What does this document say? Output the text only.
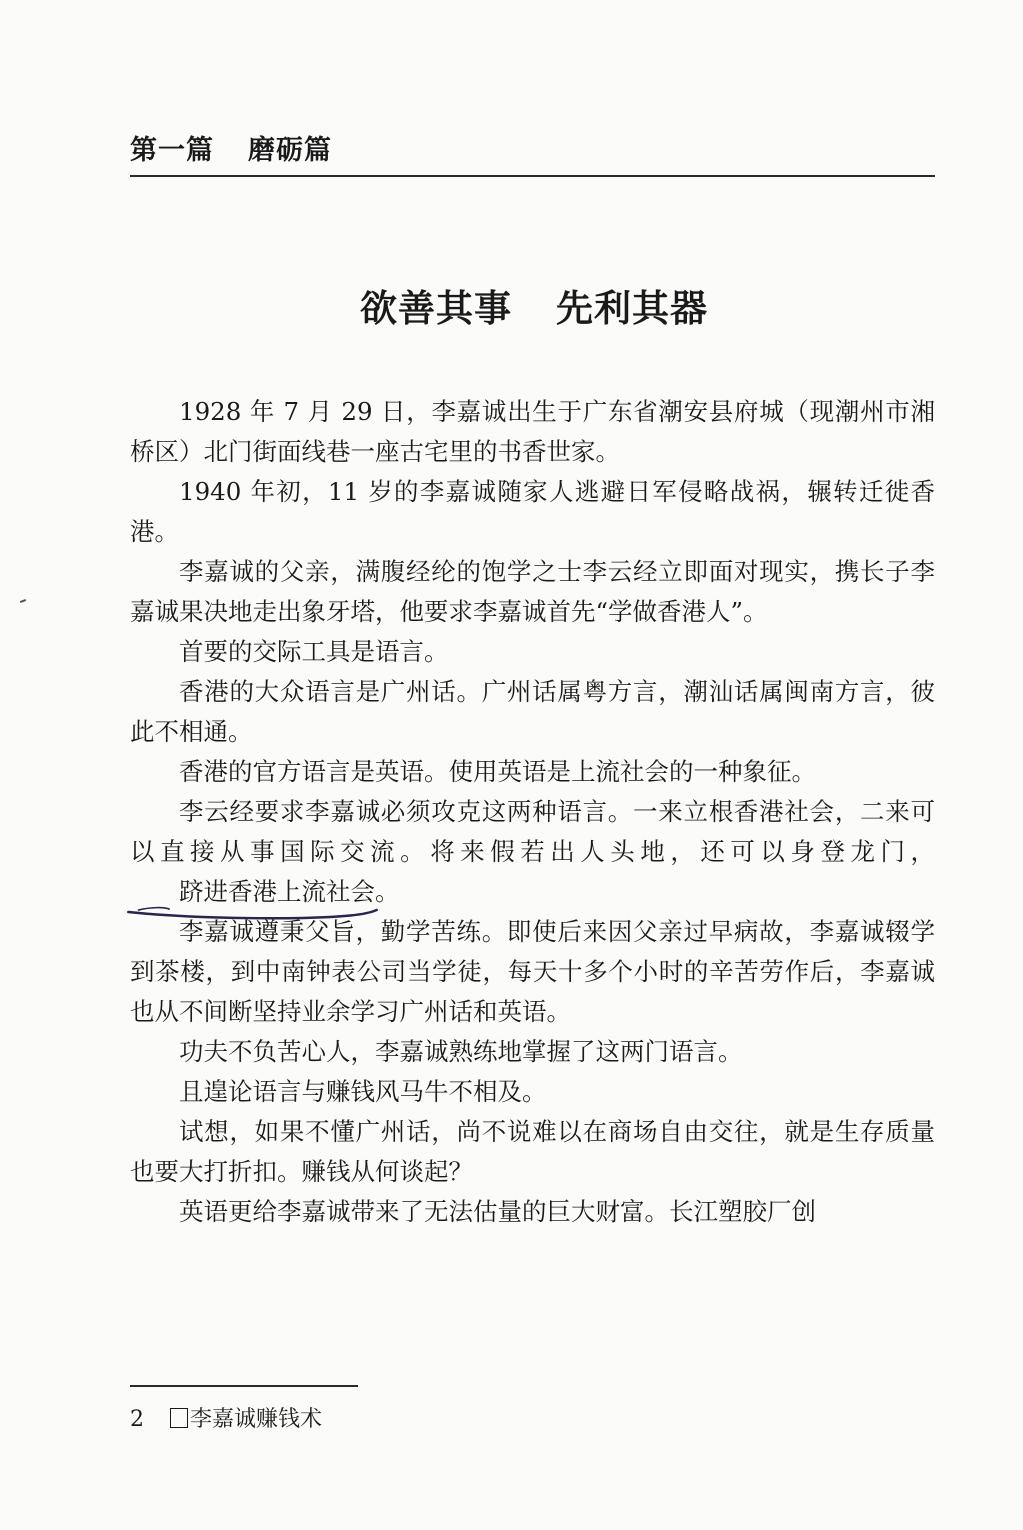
第一篇 磨砺篇
欲善其事 先利其器

1928 年 7 月 29 日，李嘉诚出生于广东省潮安县府城（现潮州市湘桥区）北门街面线巷一座古宅里的书香世家。

1940 年初，11 岁的李嘉诚随家人逃避日军侵略战祸，辗转迁徙香港。

李嘉诚的父亲，满腹经纶的饱学之士李云经立即面对现实，携长子李嘉诚果决地走出象牙塔，他要求李嘉诚首先“学做香港人”。

首要的交际工具是语言。

香港的大众语言是广州话。广州话属粤方言，潮汕话属闽南方言，彼此不相通。

香港的官方语言是英语。使用英语是上流社会的一种象征。

李云经要求李嘉诚必须攻克这两种语言。一来立根香港社会，二来可以直接从事国际交流。将来假若出人头地，还可以身登龙门，跻进香港上流社会
。

李嘉诚遵秉父旨，勤学苦练。即使后来因父亲过早病故，李嘉诚辍学到茶楼，到中南钟表公司当学徒，每天十多个小时的辛苦劳作后，李嘉诚也从不间断坚持业余学习广州话和英语。

功夫不负苦心人，李嘉诚熟练地掌握了这两门语言。

且遑论语言与赚钱风马牛不相及。

试想，如果不懂广州话，尚不说难以在商场自由交往，就是生存质量也要大打折扣。赚钱从何谈起？

英语更给李嘉诚带来了无法估量的巨大财富。长江塑胶厂创

2 李嘉诚赚钱术
